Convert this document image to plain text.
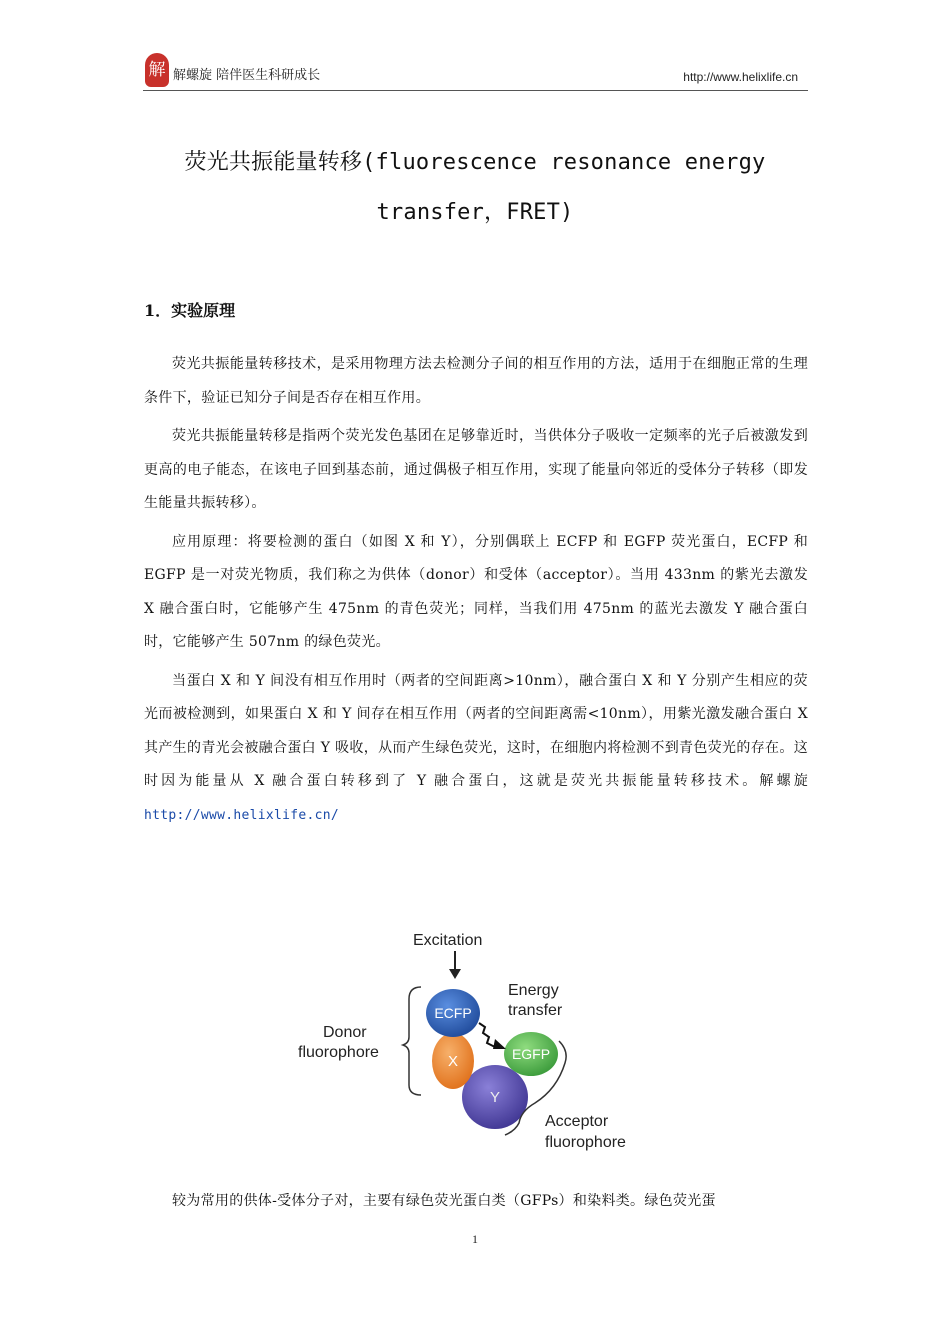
解 解螺旋 陪伴医生科研成长	http://www.helixlife.cn
荧光共振能量转移(fluorescence resonance energy
transfer，FRET)
1．实验原理

荧光共振能量转移技术，是采用物理方法去检测分子间的相互作用的方法，适用于在细胞正常的生理条件下，验证已知分子间是否存在相互作用。

荧光共振能量转移是指两个荧光发色基团在足够靠近时，当供体分子吸收一定频率的光子后被激发到更高的电子能态，在该电子回到基态前，通过偶极子相互作用，实现了能量向邻近的受体分子转移（即发生能量共振转移）。

应用原理：将要检测的蛋白（如图 X 和 Y），分别偶联上 ECFP 和 EGFP 荧光蛋白，ECFP 和 EGFP 是一对荧光物质，我们称之为供体（donor）和受体（acceptor）。当用 433nm 的紫光去激发 X 融合蛋白时，它能够产生 475nm 的青色荧光；同样，当我们用 475nm 的蓝光去激发 Y 融合蛋白时，它能够产生 507nm 的绿色荧光。

当蛋白 X 和 Y 间没有相互作用时（两者的空间距离>10nm），融合蛋白 X 和 Y 分别产生相应的荧光而被检测到，如果蛋白 X 和 Y 间存在相互作用（两者的空间距离需<10nm），用紫光激发融合蛋白 X 其产生的青光会被融合蛋白 Y 吸收，从而产生绿色荧光，这时，在细胞内将检测不到青色荧光的存在。这时因为能量从 X 融合蛋白转移到了 Y 融合蛋白，这就是荧光共振能量转移技术。解螺旋http://www.helixlife.cn/

Excitation
Energy
transfer
Donor
fluorophore
Y
X
ECFP
EGFP
Acceptor
fluorophore

较为常用的供体-受体分子对，主要有绿色荧光蛋白类（GFPs）和染料类。绿色荧光蛋

1
